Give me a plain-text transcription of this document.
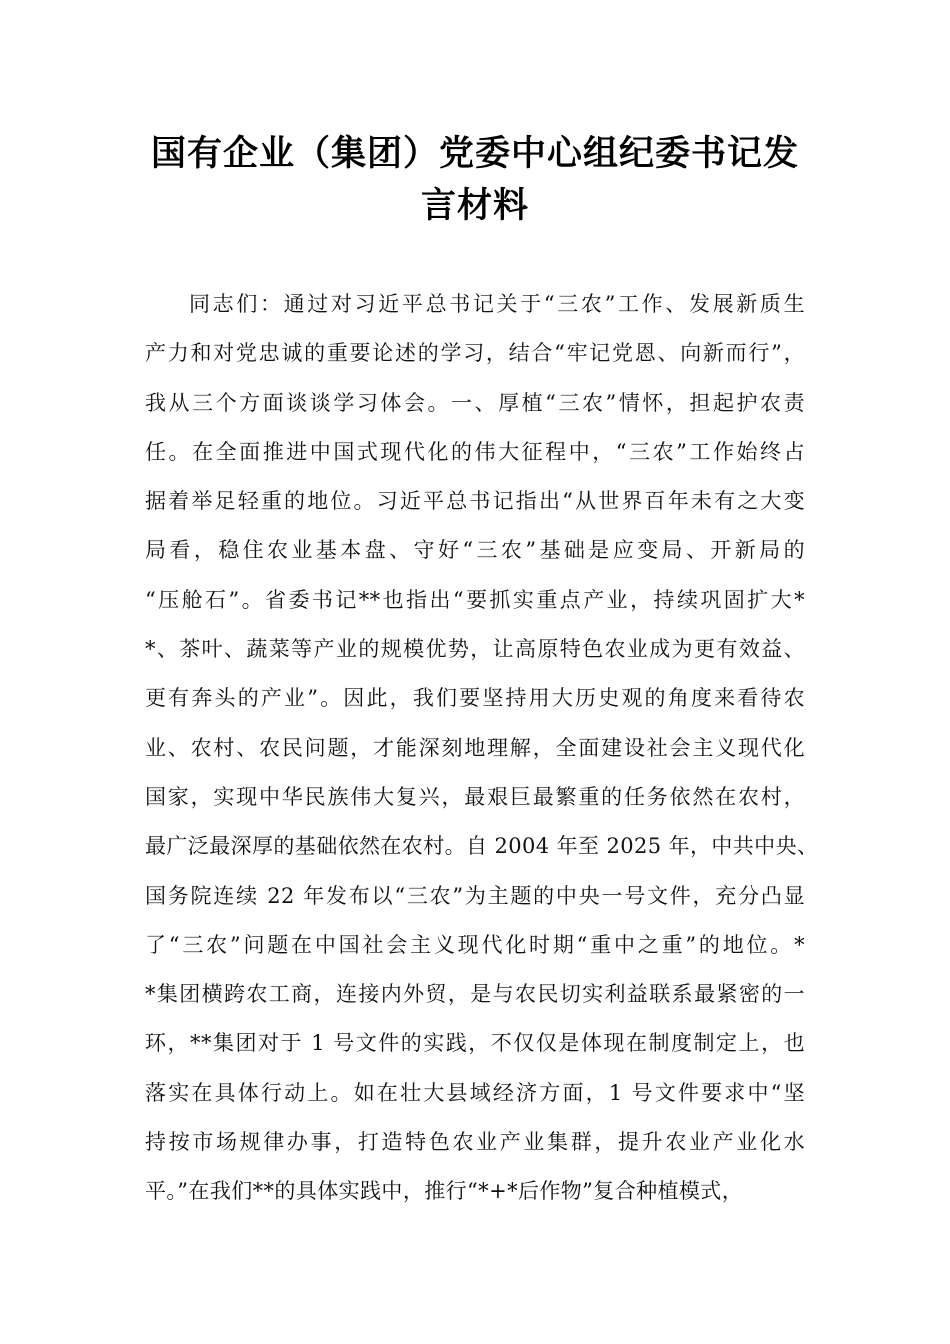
国有企业（集团）党委中心组纪委书记发
言材料
同志们：通过对习近平总书记关于“三农”工作、发展新质生
产力和对党忠诚的重要论述的学习，结合“牢记党恩、向新而行”，
我从三个方面谈谈学习体会。一、厚植“三农”情怀，担起护农责
任。在全面推进中国式现代化的伟大征程中，“三农”工作始终占
据着举足轻重的地位。习近平总书记指出“从世界百年未有之大变
局看，稳住农业基本盘、守好“三农”基础是应变局、开新局的
“压舱石”。省委书记**也指出“要抓实重点产业，持续巩固扩大*
*、茶叶、蔬菜等产业的规模优势，让高原特色农业成为更有效益、
更有奔头的产业”。因此，我们要坚持用大历史观的角度来看待农
业、农村、农民问题，才能深刻地理解，全面建设社会主义现代化
国家，实现中华民族伟大复兴，最艰巨最繁重的任务依然在农村，
最广泛最深厚的基础依然在农村。自 2004 年至 2025 年，中共中央、
国务院连续 22 年发布以“三农”为主题的中央一号文件，充分凸显
了“三农”问题在中国社会主义现代化时期“重中之重”的地位。*
*集团横跨农工商，连接内外贸，是与农民切实利益联系最紧密的一
环，**集团对于 1 号文件的实践，不仅仅是体现在制度制定上，也
落实在具体行动上。如在壮大县域经济方面，1 号文件要求中“坚
持按市场规律办事，打造特色农业产业集群，提升农业产业化水
平。”在我们**的具体实践中，推行“*+*后作物”复合种植模式，
